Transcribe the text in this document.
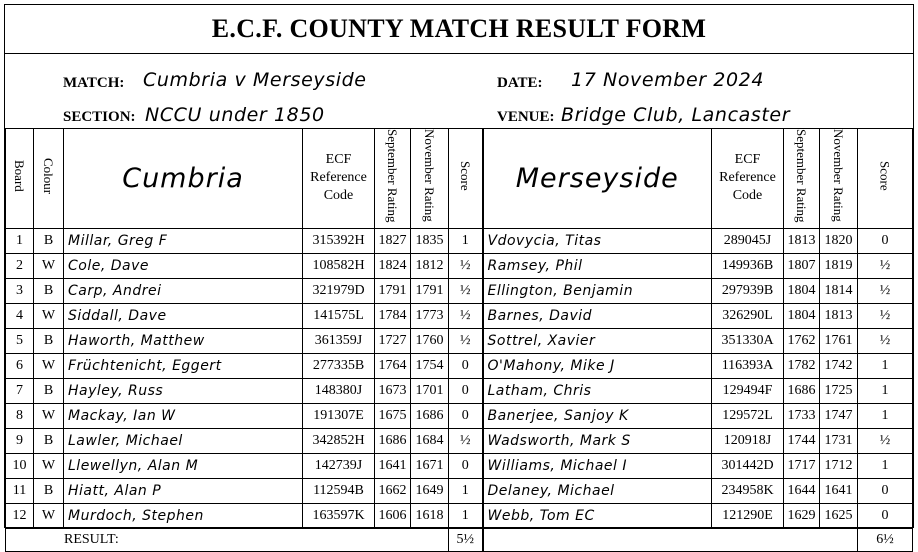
E.C.F. COUNTY MATCH RESULT FORM
MATCH: Cumbria v Merseyside	DATE: 17 November 2024
SECTION: NCCU under 1850	VENUE: Bridge Club, Lancaster
Board	Colour	Cumbria	ECF
Reference
Code	September Rating	November Rating	Score	Merseyside	ECF
Reference
Code	September Rating	November Rating	Score
1	B	Millar, Greg F	315392H	1827	1835	1	Vdovycia, Titas	289045J	1813	1820	0
2	W	Cole, Dave	108582H	1824	1812	½	Ramsey, Phil	149936B	1807	1819	½
3	B	Carp, Andrei	321979D	1791	1791	½	Ellington, Benjamin	297939B	1804	1814	½
4	W	Siddall, Dave	141575L	1784	1773	½	Barnes, David	326290L	1804	1813	½
5	B	Haworth, Matthew	361359J	1727	1760	½	Sottrel, Xavier	351330A	1762	1761	½
6	W	Früchtenicht, Eggert	277335B	1764	1754	0	O'Mahony, Mike J	116393A	1782	1742	1
7	B	Hayley, Russ	148380J	1673	1701	0	Latham, Chris	129494F	1686	1725	1
8	W	Mackay, Ian W	191307E	1675	1686	0	Banerjee, Sanjoy K	129572L	1733	1747	1
9	B	Lawler, Michael	342852H	1686	1684	½	Wadsworth, Mark S	120918J	1744	1731	½
10	W	Llewellyn, Alan M	142739J	1641	1671	0	Williams, Michael I	301442D	1717	1712	1
11	B	Hiatt, Alan P	112594B	1662	1649	1	Delaney, Michael	234958K	1644	1641	0
12	W	Murdoch, Stephen	163597K	1606	1618	1	Webb, Tom EC	121290E	1629	1625	0
RESULT:						5½					6½
